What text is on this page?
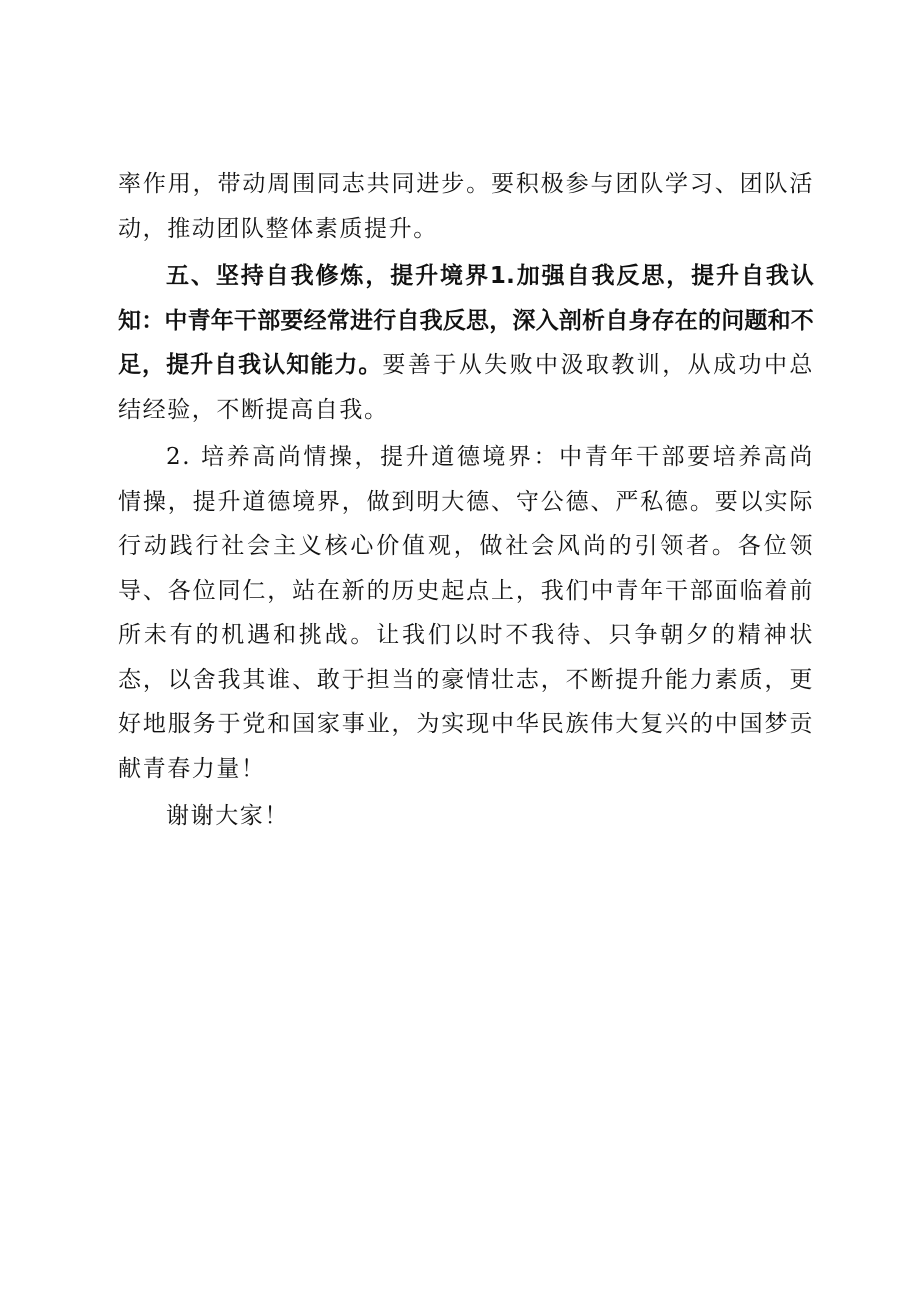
率作用，带动周围同志共同进步。要积极参与团队学习、团队活动，推动团队整体素质提升。

五、坚持自我修炼，提升境界1.加强自我反思，提升自我认知：中青年干部要经常进行自我反思，深入剖析自身存在的问题和不足，提升自我认知能力。要善于从失败中汲取教训，从成功中总结经验，不断提高自我。

2. 培养高尚情操，提升道德境界：中青年干部要培养高尚情操，提升道德境界，做到明大德、守公德、严私德。要以实际行动践行社会主义核心价值观，做社会风尚的引领者。各位领导、各位同仁，站在新的历史起点上，我们中青年干部面临着前所未有的机遇和挑战。让我们以时不我待、只争朝夕的精神状态，以舍我其谁、敢于担当的豪情壮志，不断提升能力素质，更好地服务于党和国家事业，为实现中华民族伟大复兴的中国梦贡献青春力量！

谢谢大家！
